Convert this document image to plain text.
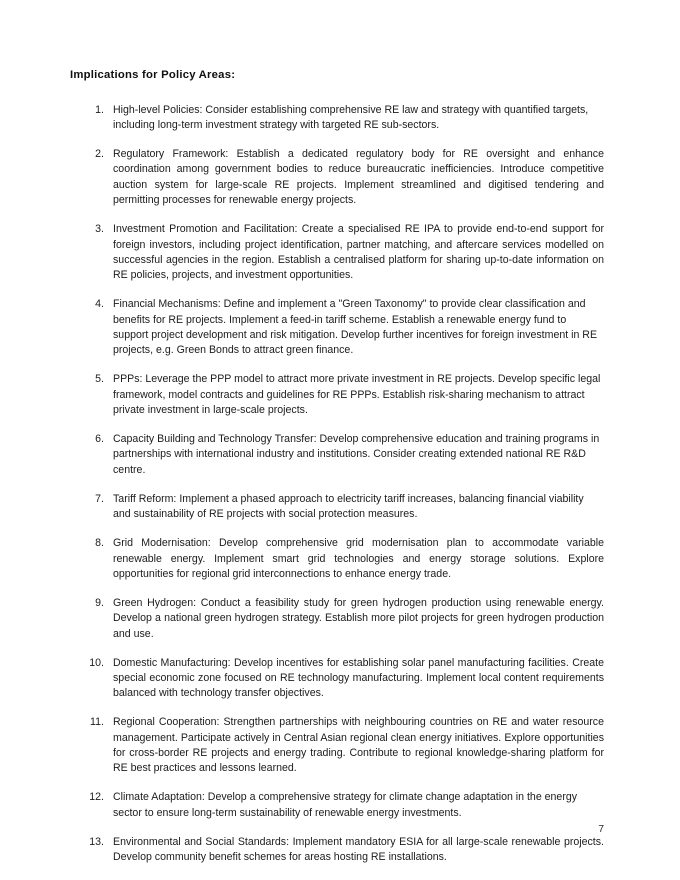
Implications for Policy Areas:
1. High-level Policies: Consider establishing comprehensive RE law and strategy with quantified targets, including long-term investment strategy with targeted RE sub-sectors.
2. Regulatory Framework: Establish a dedicated regulatory body for RE oversight and enhance coordination among government bodies to reduce bureaucratic inefficiencies. Introduce competitive auction system for large-scale RE projects. Implement streamlined and digitised tendering and permitting processes for renewable energy projects.
3. Investment Promotion and Facilitation: Create a specialised RE IPA to provide end-to-end support for foreign investors, including project identification, partner matching, and aftercare services modelled on successful agencies in the region. Establish a centralised platform for sharing up-to-date information on RE policies, projects, and investment opportunities.
4. Financial Mechanisms: Define and implement a "Green Taxonomy" to provide clear classification and benefits for RE projects. Implement a feed-in tariff scheme. Establish a renewable energy fund to support project development and risk mitigation. Develop further incentives for foreign investment in RE projects, e.g. Green Bonds to attract green finance.
5. PPPs: Leverage the PPP model to attract more private investment in RE projects. Develop specific legal framework, model contracts and guidelines for RE PPPs. Establish risk-sharing mechanism to attract private investment in large-scale projects.
6. Capacity Building and Technology Transfer: Develop comprehensive education and training programs in partnerships with international industry and institutions. Consider creating extended national RE R&D centre.
7. Tariff Reform: Implement a phased approach to electricity tariff increases, balancing financial viability and sustainability of RE projects with social protection measures.
8. Grid Modernisation: Develop comprehensive grid modernisation plan to accommodate variable renewable energy. Implement smart grid technologies and energy storage solutions. Explore opportunities for regional grid interconnections to enhance energy trade.
9. Green Hydrogen: Conduct a feasibility study for green hydrogen production using renewable energy. Develop a national green hydrogen strategy. Establish more pilot projects for green hydrogen production and use.
10. Domestic Manufacturing: Develop incentives for establishing solar panel manufacturing facilities. Create special economic zone focused on RE technology manufacturing. Implement local content requirements balanced with technology transfer objectives.
11. Regional Cooperation: Strengthen partnerships with neighbouring countries on RE and water resource management. Participate actively in Central Asian regional clean energy initiatives. Explore opportunities for cross-border RE projects and energy trading. Contribute to regional knowledge-sharing platform for RE best practices and lessons learned.
12. Climate Adaptation: Develop a comprehensive strategy for climate change adaptation in the energy sector to ensure long-term sustainability of renewable energy investments.
13. Environmental and Social Standards: Implement mandatory ESIA for all large-scale renewable projects. Develop community benefit schemes for areas hosting RE installations.
7
